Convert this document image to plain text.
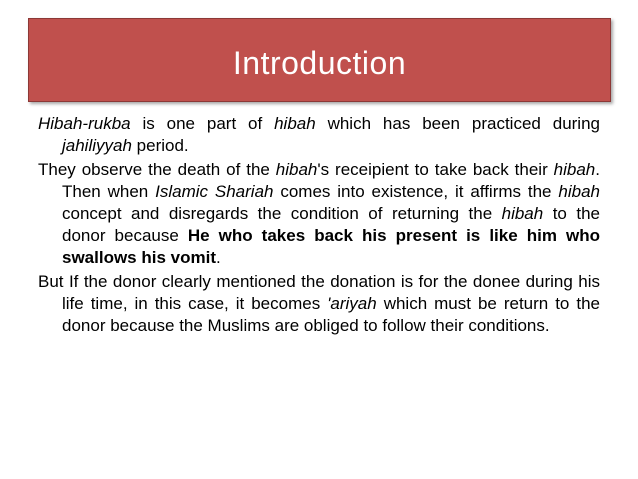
Introduction

Hibah-rukba is one part of hibah which has been practiced during jahiliyyah period.

They observe the death of the hibah's receipient to take back their hibah. Then when Islamic Shariah comes into existence, it affirms the hibah concept and disregards the condition of returning the hibah to the donor because He who takes back his present is like him who swallows his vomit.

But If the donor clearly mentioned the donation is for the donee during his life time, in this case, it becomes 'ariyah which must be return to the donor because the Muslims are obliged to follow their conditions.
